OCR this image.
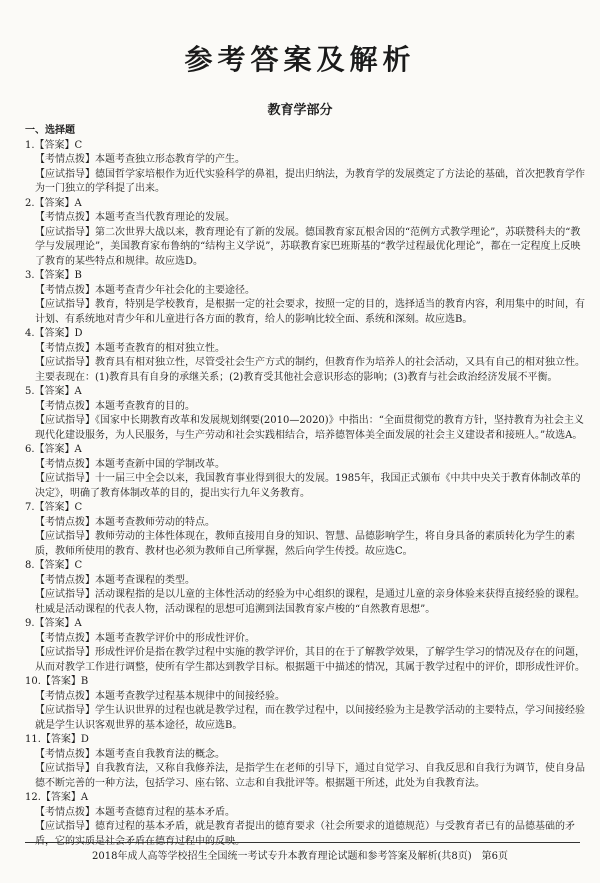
参考答案及解析
教育学部分
一、选择题
1.【答案】C
【考情点拨】本题考查独立形态教育学的产生。
【应试指导】德国哲学家培根作为近代实验科学的鼻祖，提出归纳法，为教育学的发展奠定了方法论的基础，首次把教育学作为一门独立的学科提了出来。
2.【答案】A
【考情点拨】本题考查当代教育理论的发展。
【应试指导】第二次世界大战以来，教育理论有了新的发展。德国教育家瓦根舍因的“范例方式教学理论”，苏联赞科夫的“教学与发展理论”，美国教育家布鲁纳的“结构主义学说”，苏联教育家巴班斯基的“教学过程最优化理论”，都在一定程度上反映了教育的某些特点和规律。故应选D。
3.【答案】B
【考情点拨】本题考查青少年社会化的主要途径。
【应试指导】教育，特别是学校教育，是根据一定的社会要求，按照一定的目的，选择适当的教育内容，利用集中的时间，有计划、有系统地对青少年和儿童进行各方面的教育，给人的影响比较全面、系统和深刻。故应选B。
4.【答案】D
【考情点拨】本题考查教育的相对独立性。
【应试指导】教育具有相对独立性，尽管受社会生产方式的制约，但教育作为培养人的社会活动，又具有自己的相对独立性。主要表现在：(1)教育具有自身的承继关系；(2)教育受其他社会意识形态的影响；(3)教育与社会政治经济发展不平衡。
5.【答案】A
【考情点拨】本题考查教育的目的。
【应试指导】《国家中长期教育改革和发展规划纲要(2010—2020)》中指出：“全面贯彻党的教育方针，坚持教育为社会主义现代化建设服务，为人民服务，与生产劳动和社会实践相结合，培养德智体美全面发展的社会主义建设者和接班人。”故选A。
6.【答案】A
【考情点拨】本题考查新中国的学制改革。
【应试指导】十一届三中全会以来，我国教育事业得到很大的发展。1985年，我国正式颁布《中共中央关于教育体制改革的决定》，明确了教育体制改革的目的，提出实行九年义务教育。
7.【答案】C
【考情点拨】本题考查教师劳动的特点。
【应试指导】教师劳动的主体性体现在，教师直接用自身的知识、智慧、品德影响学生，将自身具备的素质转化为学生的素质，教师所使用的教育、教材也必须为教师自己所掌握，然后向学生传授。故应选C。
8.【答案】C
【考情点拨】本题考查课程的类型。
【应试指导】活动课程指的是以儿童的主体性活动的经验为中心组织的课程，是通过儿童的亲身体验来获得直接经验的课程。杜威是活动课程的代表人物，活动课程的思想可追溯到法国教育家卢梭的“自然教育思想”。
9.【答案】A
【考情点拨】本题考查教学评价中的形成性评价。
【应试指导】形成性评价是指在教学过程中实施的教学评价，其目的在于了解教学效果，了解学生学习的情况及存在的问题，从而对教学工作进行调整，使所有学生都达到教学目标。根据题干中描述的情况，其属于教学过程中的评价，即形成性评价。
10.【答案】B
【考情点拨】本题考查教学过程基本规律中的间接经验。
【应试指导】学生认识世界的过程也就是教学过程，而在教学过程中，以间接经验为主是教学活动的主要特点，学习间接经验就是学生认识客观世界的基本途径，故应选B。
11.【答案】D
【考情点拨】本题考查自我教育法的概念。
【应试指导】自我教育法，又称自我修养法，是指学生在老师的引导下，通过自觉学习、自我反思和自我行为调节，使自身品德不断完善的一种方法，包括学习、座右铭、立志和自我批评等。根据题干所述，此处为自我教育法。
12.【答案】A
【考情点拨】本题考查德育过程的基本矛盾。
【应试指导】德育过程的基本矛盾，就是教育者提出的德育要求（社会所要求的道德规范）与受教育者已有的品德基础的矛盾，它的实质是社会矛盾在德育过程中的反映。
2018年成人高等学校招生全国统一考试专升本教育理论试题和参考答案及解析(共8页)　第6页
